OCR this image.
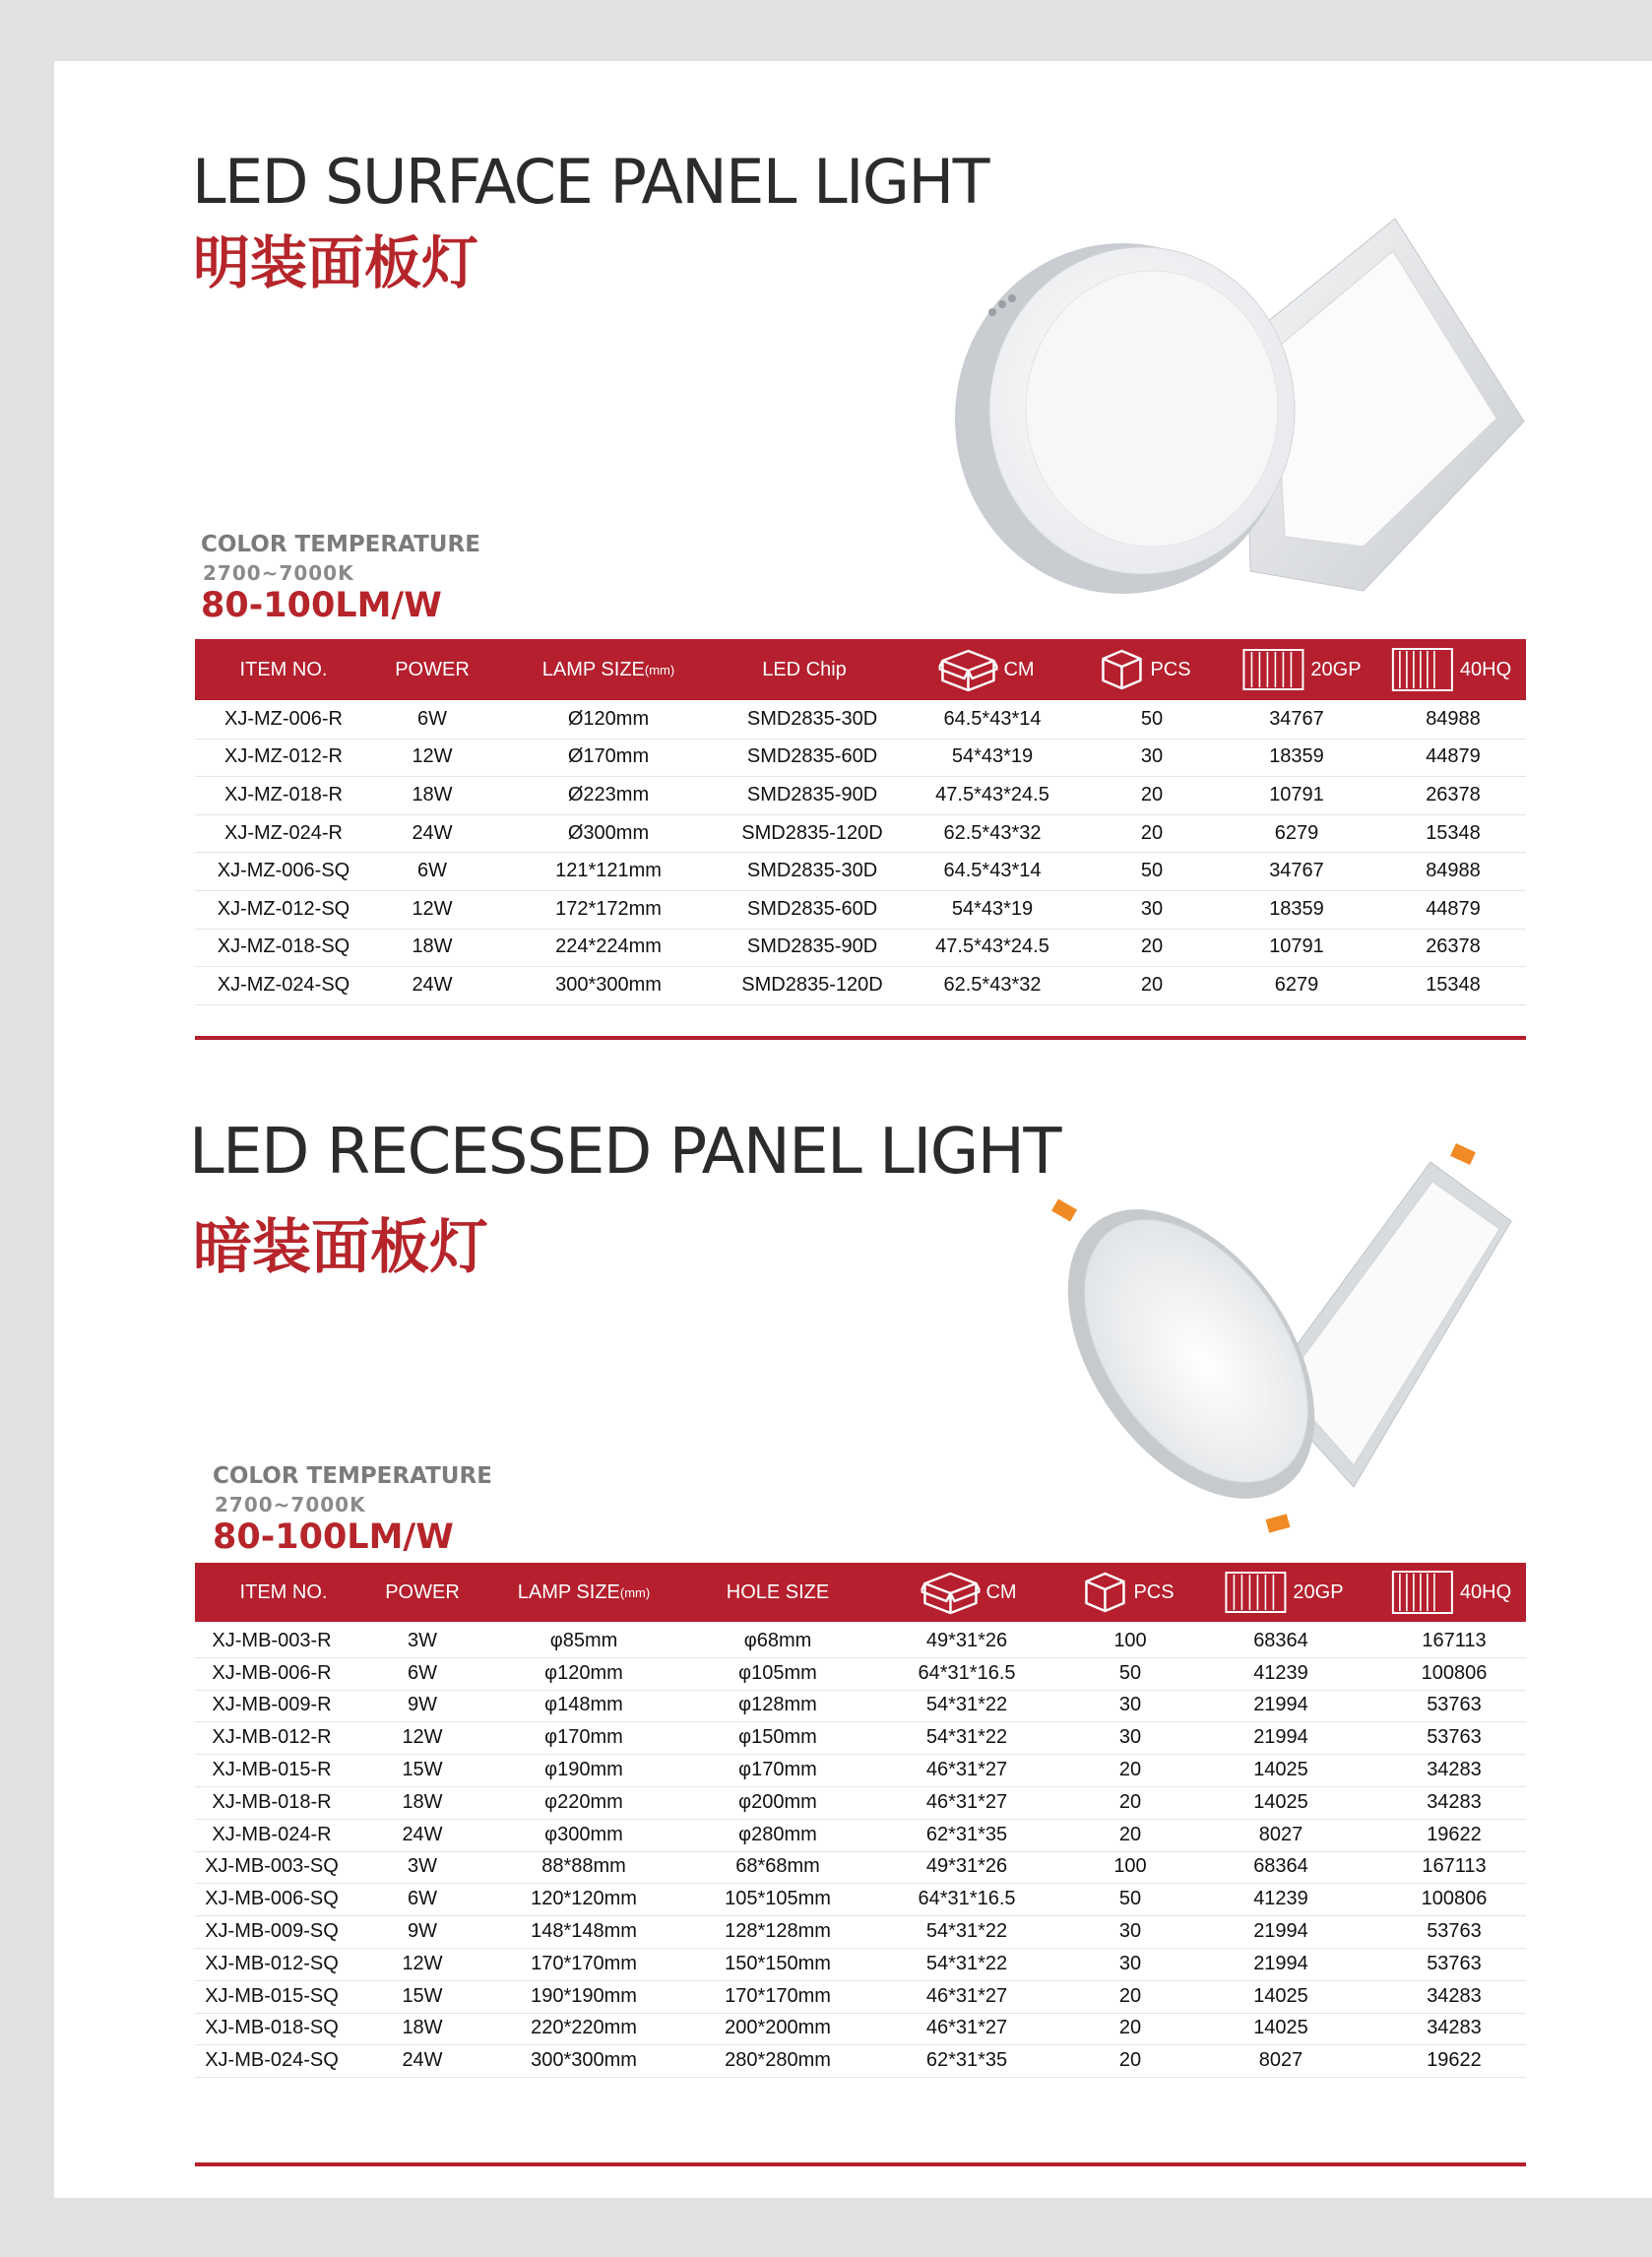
LED SURFACE PANEL LIGHT
明装面板灯
COLOR TEMPERATURE
2700~7000K
80-100LM/W
ITEM NO.	POWER	LAMP SIZE (mm)	LED Chip	CM	PCS	20GP	40HQ
XJ-MZ-006-R	6W	Ø120mm	SMD2835-30D	64.5*43*14	50	34767	84988
XJ-MZ-012-R	12W	Ø170mm	SMD2835-60D	54*43*19	30	18359	44879
XJ-MZ-018-R	18W	Ø223mm	SMD2835-90D	47.5*43*24.5	20	10791	26378
XJ-MZ-024-R	24W	Ø300mm	SMD2835-120D	62.5*43*32	20	6279	15348
XJ-MZ-006-SQ	6W	121*121mm	SMD2835-30D	64.5*43*14	50	34767	84988
XJ-MZ-012-SQ	12W	172*172mm	SMD2835-60D	54*43*19	30	18359	44879
XJ-MZ-018-SQ	18W	224*224mm	SMD2835-90D	47.5*43*24.5	20	10791	26378
XJ-MZ-024-SQ	24W	300*300mm	SMD2835-120D	62.5*43*32	20	6279	15348
LED RECESSED PANEL LIGHT
暗装面板灯
COLOR TEMPERATURE
2700~7000K
80-100LM/W
ITEM NO.	POWER	LAMP SIZE (mm)	HOLE SIZE	CM	PCS	20GP	40HQ
XJ-MB-003-R	3W	φ85mm	φ68mm	49*31*26	100	68364	167113
XJ-MB-006-R	6W	φ120mm	φ105mm	64*31*16.5	50	41239	100806
XJ-MB-009-R	9W	φ148mm	φ128mm	54*31*22	30	21994	53763
XJ-MB-012-R	12W	φ170mm	φ150mm	54*31*22	30	21994	53763
XJ-MB-015-R	15W	φ190mm	φ170mm	46*31*27	20	14025	34283
XJ-MB-018-R	18W	φ220mm	φ200mm	46*31*27	20	14025	34283
XJ-MB-024-R	24W	φ300mm	φ280mm	62*31*35	20	8027	19622
XJ-MB-003-SQ	3W	88*88mm	68*68mm	49*31*26	100	68364	167113
XJ-MB-006-SQ	6W	120*120mm	105*105mm	64*31*16.5	50	41239	100806
XJ-MB-009-SQ	9W	148*148mm	128*128mm	54*31*22	30	21994	53763
XJ-MB-012-SQ	12W	170*170mm	150*150mm	54*31*22	30	21994	53763
XJ-MB-015-SQ	15W	190*190mm	170*170mm	46*31*27	20	14025	34283
XJ-MB-018-SQ	18W	220*220mm	200*200mm	46*31*27	20	14025	34283
XJ-MB-024-SQ	24W	300*300mm	280*280mm	62*31*35	20	8027	19622
